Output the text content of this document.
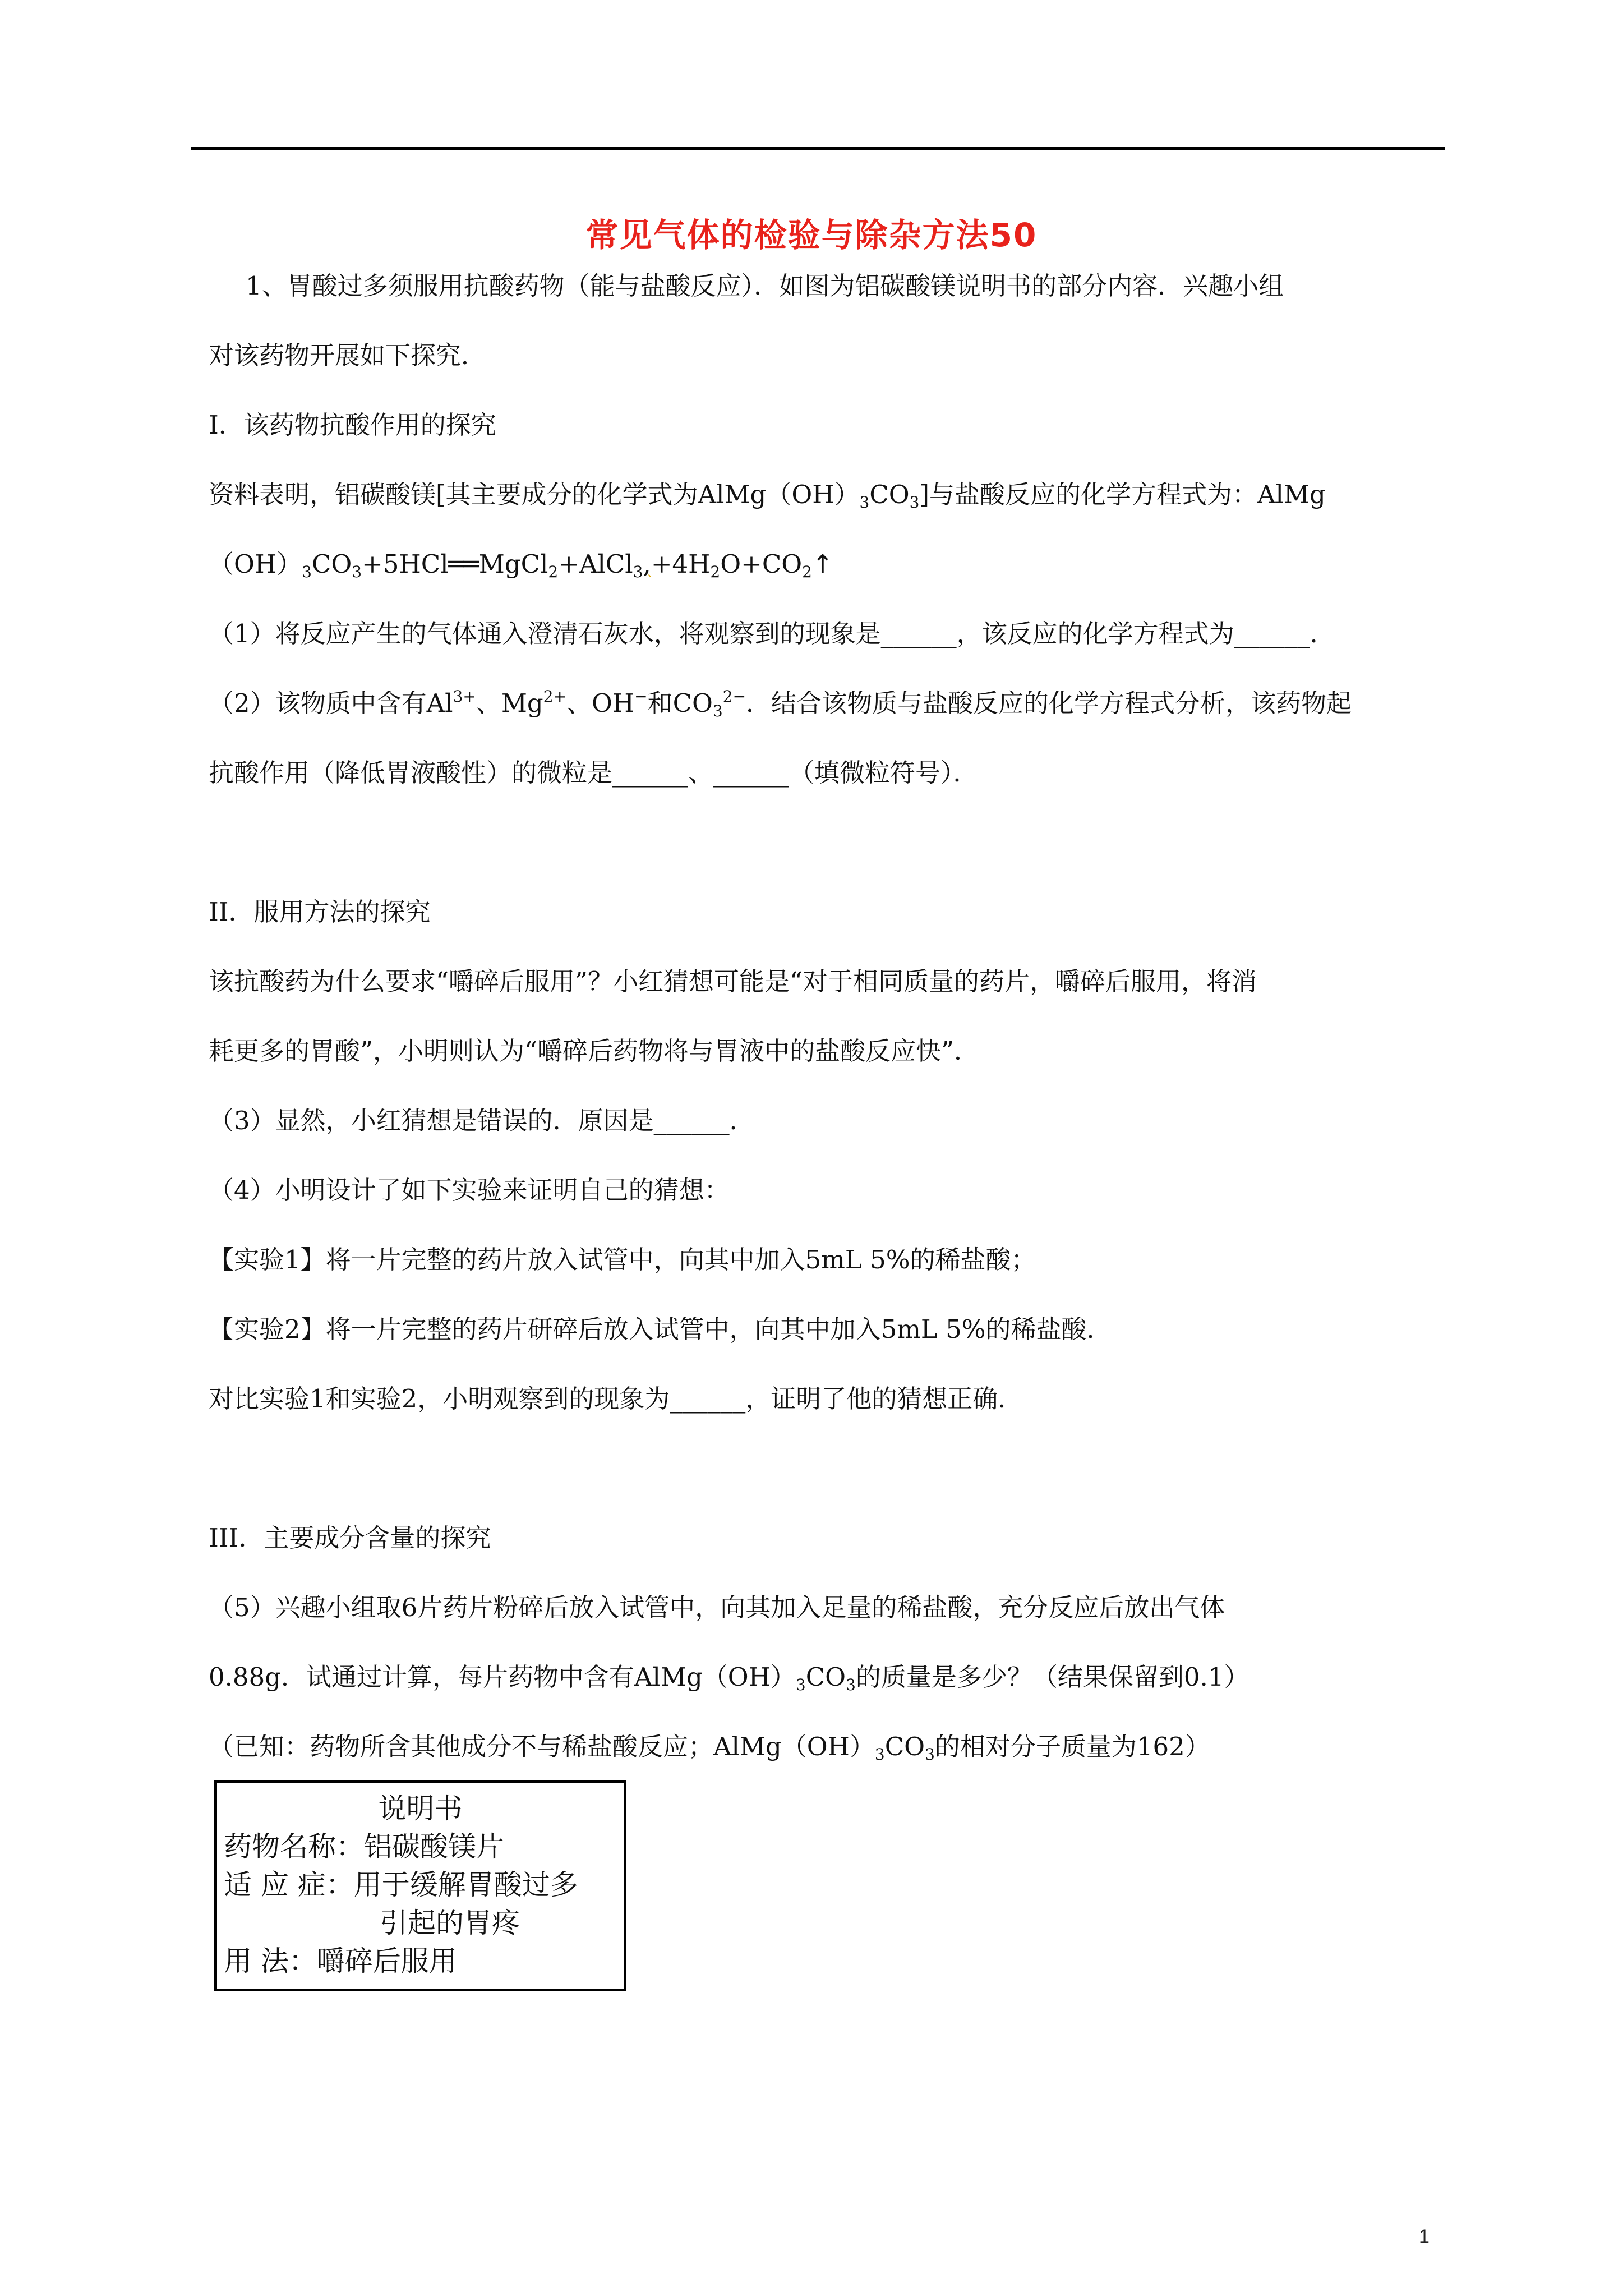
常见气体的检验与除杂方法50

1、胃酸过多须服用抗酸药物（能与盐酸反应）．如图为铝碳酸镁说明书的部分内容．兴趣小组

对该药物开展如下探究．

I．该药物抗酸作用的探究

资料表明，铝碳酸镁[其主要成分的化学式为$AlMg(OH)_3CO_3$]与盐酸反应的化学方程式为：AlMg

$(OH)_3CO_3+5HCl══MgCl_2+AlCl_3,+4H_2O+CO_2↑$

（1）将反应产生的气体通入澄清石灰水，将观察到的现象是______，该反应的化学方程式为______．

（2）该物质中含有$Al^{3+}$、$Mg^{2+}$、OH−和$CO_3^{2-}$．结合该物质与盐酸反应的化学方程式分析，该药物起

抗酸作用（降低胃液酸性）的微粒是______、______（填微粒符号）．

II．服用方法的探究

该抗酸药为什么要求“嚼碎后服用”？小红猜想可能是“对于相同质量的药片，嚼碎后服用，将消

耗更多的胃酸”，小明则认为“嚼碎后药物将与胃液中的盐酸反应快”．

（3）显然，小红猜想是错误的．原因是______．

（4）小明设计了如下实验来证明自己的猜想：

【实验1】将一片完整的药片放入试管中，向其中加入5mL 5%的稀盐酸；

【实验2】将一片完整的药片研碎后放入试管中，向其中加入5mL 5%的稀盐酸．

对比实验1和实验2，小明观察到的现象为______，证明了他的猜想正确．

III．主要成分含量的探究

（5）兴趣小组取6片药片粉碎后放入试管中，向其加入足量的稀盐酸，充分反应后放出气体

0.88g．试通过计算，每片药物中含有$AlMg(OH)_3CO_3$的质量是多少？（结果保留到0.1）

（已知：药物所含其他成分不与稀盐酸反应；$AlMg(OH)_3CO_3$的相对分子质量为162）

说明书
药物名称：铝碳酸镁片
适 应 症：用于缓解胃酸过多
引起的胃疼
用 法：嚼碎后服用
1
